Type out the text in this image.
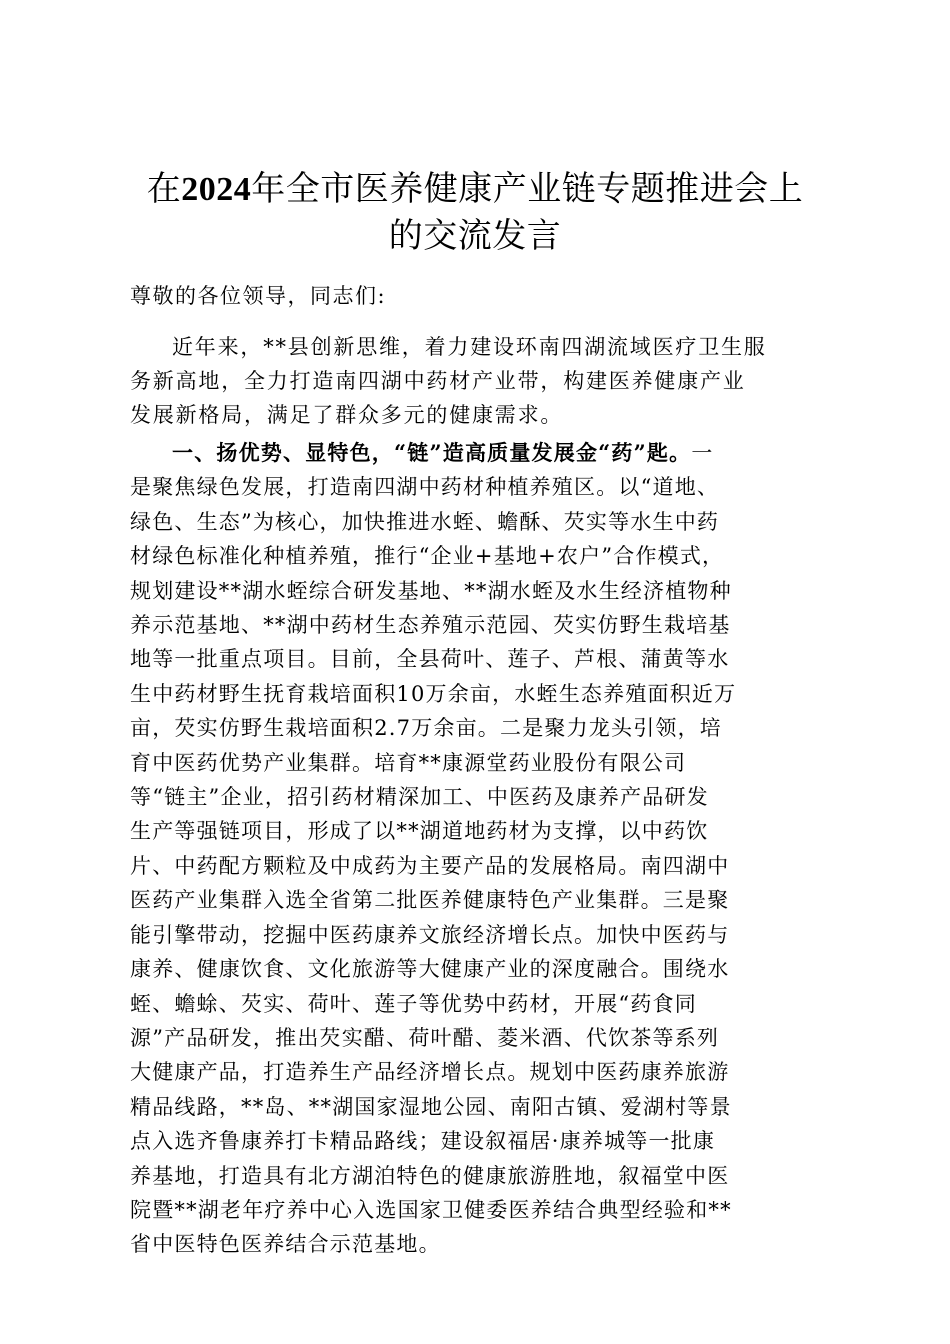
在2024年全市医养健康产业链专题推进会上
的交流发言
尊敬的各位领导，同志们:
近年来，**县创新思维，着力建设环南四湖流域医疗卫生服
务新高地，全力打造南四湖中药材产业带，构建医养健康产业
发展新格局，满足了群众多元的健康需求。
一、扬优势、显特色，“链”造高质量发展金“药”匙。一
是聚焦绿色发展，打造南四湖中药材种植养殖区。以“道地、
绿色、生态”为核心，加快推进水蛭、蟾酥、芡实等水生中药
材绿色标准化种植养殖，推行“企业+基地+农户”合作模式，
规划建设**湖水蛭综合研发基地、**湖水蛭及水生经济植物种
养示范基地、**湖中药材生态养殖示范园、芡实仿野生栽培基
地等一批重点项目。目前，全县荷叶、莲子、芦根、蒲黄等水
生中药材野生抚育栽培面积10万余亩，水蛭生态养殖面积近万
亩，芡实仿野生栽培面积2.7万余亩。二是聚力龙头引领，培
育中医药优势产业集群。培育**康源堂药业股份有限公司
等“链主”企业，招引药材精深加工、中医药及康养产品研发
生产等强链项目，形成了以**湖道地药材为支撑，以中药饮
片、中药配方颗粒及中成药为主要产品的发展格局。南四湖中
医药产业集群入选全省第二批医养健康特色产业集群。三是聚
能引擎带动，挖掘中医药康养文旅经济增长点。加快中医药与
康养、健康饮食、文化旅游等大健康产业的深度融合。围绕水
蛭、蟾蜍、芡实、荷叶、莲子等优势中药材，开展“药食同
源”产品研发，推出芡实醋、荷叶醋、菱米酒、代饮茶等系列
大健康产品，打造养生产品经济增长点。规划中医药康养旅游
精品线路，**岛、**湖国家湿地公园、南阳古镇、爱湖村等景
点入选齐鲁康养打卡精品路线；建设叙福居·康养城等一批康
养基地，打造具有北方湖泊特色的健康旅游胜地，叙福堂中医
院暨**湖老年疗养中心入选国家卫健委医养结合典型经验和**
省中医特色医养结合示范基地。
